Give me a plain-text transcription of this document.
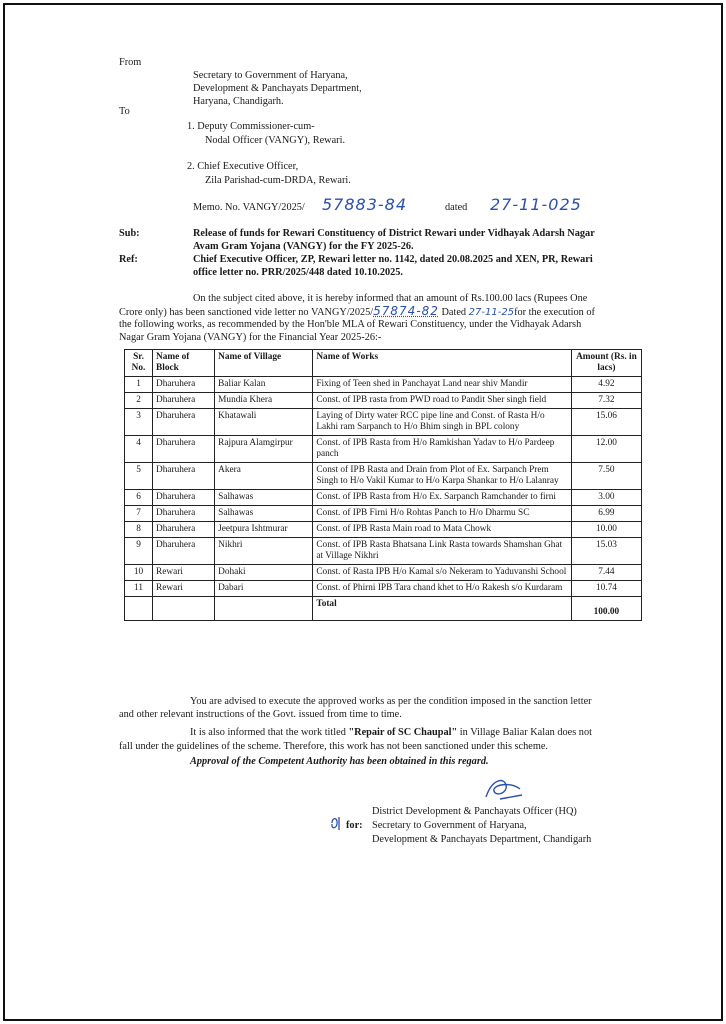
From
Secretary to Government of Haryana,
Development & Panchayats Department,
Haryana, Chandigarh.
To
1. Deputy Commissioner-cum-
Nodal Officer (VANGY), Rewari.
2. Chief Executive Officer,
Zila Parishad-cum-DRDA, Rewari.
Memo. No. VANGY/2025/ 57883-84	dated 27-11-025
Sub:	Release of funds for Rewari Constituency of District Rewari under Vidhayak Adarsh Nagar
Avam Gram Yojana (VANGY) for the FY 2025-26.
Ref:	Chief Executive Officer, ZP, Rewari letter no. 1142, dated 20.08.2025 and XEN, PR, Rewari
office letter no. PRR/2025/448 dated 10.10.2025.
On the subject cited above, it is hereby informed that an amount of Rs.100.00 lacs (Rupees One
Crore only) has been sanctioned vide letter no VANGY/2025/57874-82 Dated 27-11-25for the execution of
the following works, as recommended by the Hon'ble MLA of Rewari Constituency, under the Vidhayak Adarsh
Nagar Gram Yojana (VANGY) for the Financial Year 2025-26:-
Sr. No.	Name of Block	Name of Village	Name of Works	Amount (Rs. in lacs)
1	Dharuhera	Baliar Kalan	Fixing of Teen shed in Panchayat Land near shiv Mandir	4.92
2	Dharuhera	Mundia Khera	Const. of IPB rasta from PWD road to Pandit Sher singh field	7.32
3	Dharuhera	Khatawali	Laying of Dirty water RCC pipe line and Const. of Rasta H/o Lakhi ram Sarpanch to H/o Bhim singh in BPL colony	15.06
4	Dharuhera	Rajpura Alamgirpur	Const. of IPB Rasta from H/o Ramkishan Yadav to H/o Pardeep panch	12.00
5	Dharuhera	Akera	Const of IPB Rasta and Drain from Plot of Ex. Sarpanch Prem Singh to H/o Vakil Kumar to H/o Karpa Shankar to H/o Lalanray	7.50
6	Dharuhera	Salhawas	Const. of IPB Rasta from H/o Ex. Sarpanch Ramchander to firni	3.00
7	Dharuhera	Salhawas	Const. of IPB Firni H/o Rohtas Panch to H/o Dharmu SC	6.99
8	Dharuhera	Jeetpura Ishtmurar	Const. of IPB Rasta Main road to Mata Chowk	10.00
9	Dharuhera	Nikhri	Const. of IPB Rasta Bhatsana Link Rasta towards Shamshan Ghat at Village Nikhri	15.03
10	Rewari	Dohaki	Const. of Rasta IPB H/o Kamal s/o Nekeram to Yaduvanshi School	7.44
11	Rewari	Dabari	Const. of Phirni IPB Tara chand khet to H/o Rakesh s/o Kurdaram	10.74
			Total	100.00
You are advised to execute the approved works as per the condition imposed in the sanction letter
and other relevant instructions of the Govt. issued from time to time.
It is also informed that the work titled "Repair of SC Chaupal" in Village Baliar Kalan does not
fall under the guidelines of the scheme. Therefore, this work has not been sanctioned under this scheme.
Approval of the Competent Authority has been obtained in this regard.
District Development & Panchayats Officer (HQ)
for: Secretary to Government of Haryana,
Development & Panchayats Department, Chandigarh
